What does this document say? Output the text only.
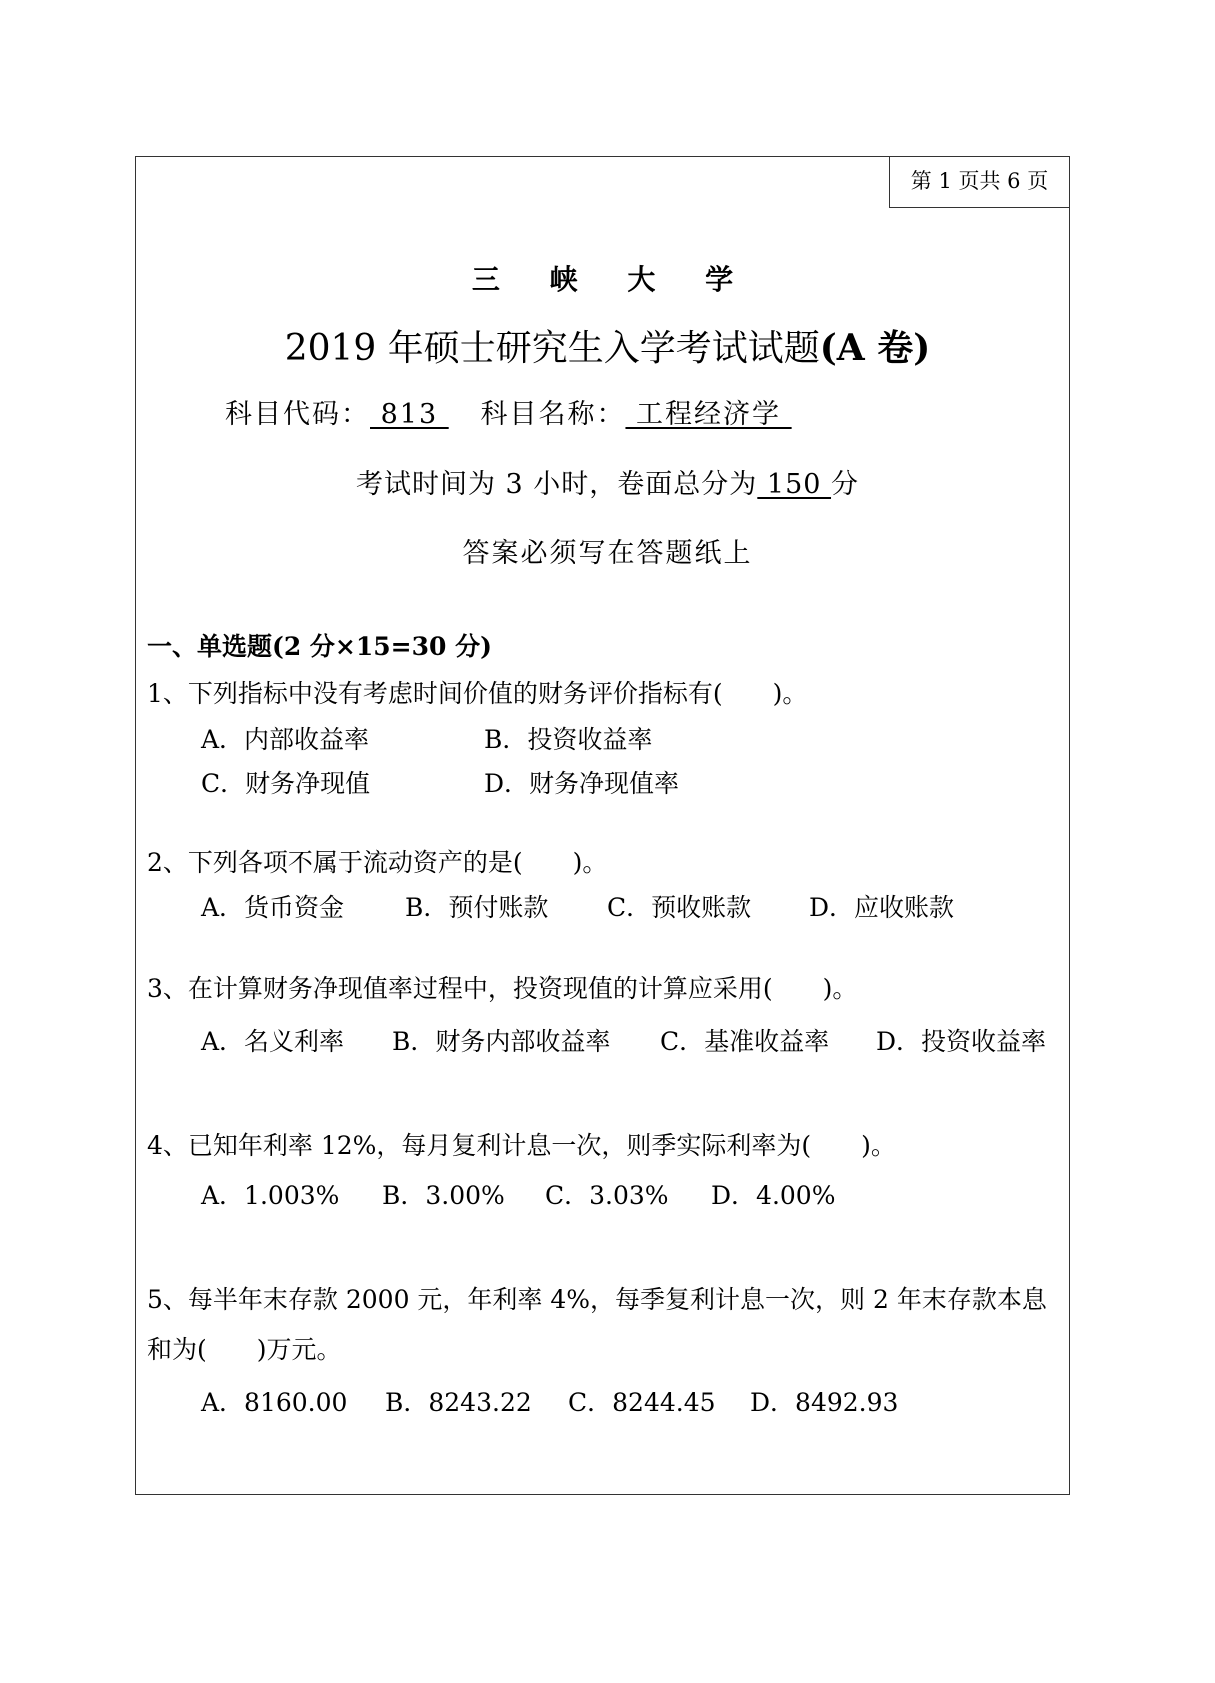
第 1 页共 6 页
三 峡 大 学
2019 年硕士研究生入学考试试题(A 卷)
科目代码： 813    科目名称： 工程经济学
考试时间为 3 小时，卷面总分为 150 分
答案必须写在答题纸上
一、单选题(2 分×15=30 分)
1、下列指标中没有考虑时间价值的财务评价指标有(　　)。
A．内部收益率	B．投资收益率
C．财务净现值	D．财务净现值率
2、下列各项不属于流动资产的是(　　)。
A．货币资金 B．预付账款 C．预收账款 D．应收账款
3、在计算财务净现值率过程中，投资现值的计算应采用(　　)。
A．名义利率 B．财务内部收益率 C．基准收益率 D．投资收益率
4、已知年利率 12%，每月复利计息一次，则季实际利率为(　　)。
A．1.003% B．3.00% C．3.03% D．4.00%
5、每半年末存款 2000 元，年利率 4%，每季复利计息一次，则 2 年末存款本息
和为(　　)万元。
A．8160.00 B．8243.22 C．8244.45 D．8492.93
